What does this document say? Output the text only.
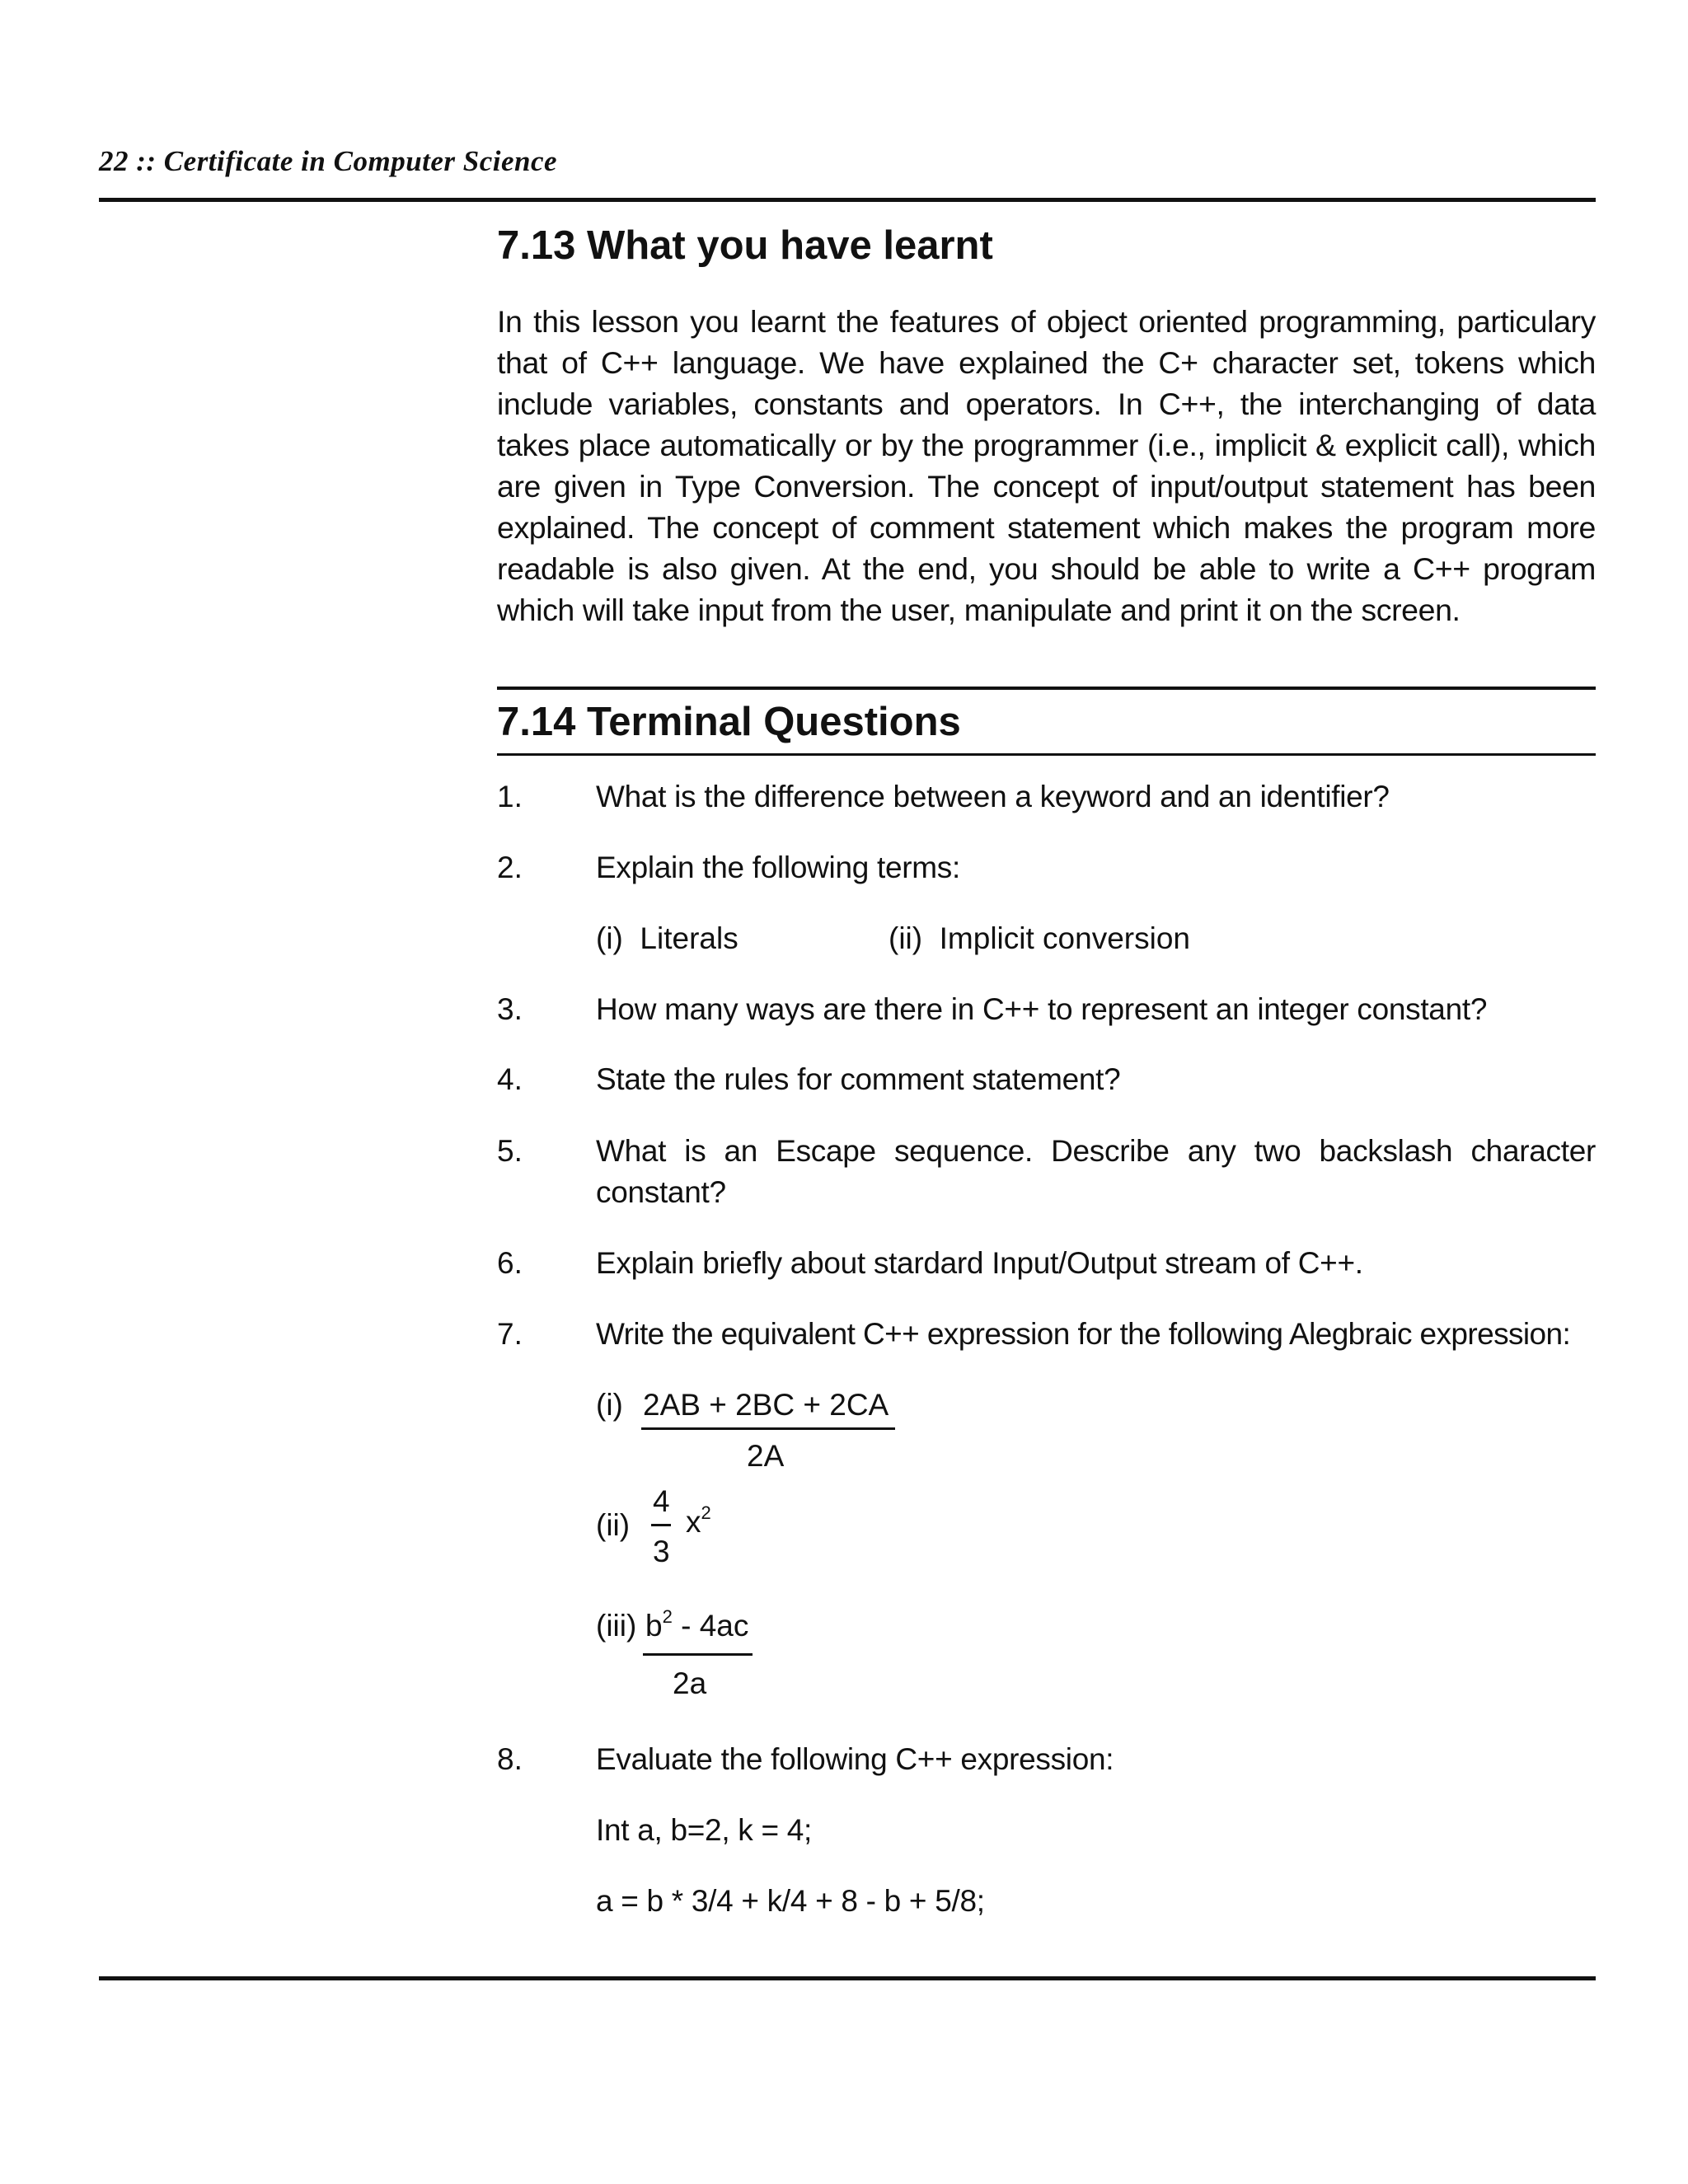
22 :: Certificate in Computer Science
7.13 What you have learnt

In this lesson you learnt the features of object oriented programming, particulary that of C++ language. We have explained the C+ character set, tokens which include variables, constants and operators. In C++, the interchanging of data takes place automatically or by the programmer (i.e., implicit & explicit call), which are given in Type Conversion. The concept of input/output statement has been explained. The concept of comment statement which makes the program more readable is also given. At the end, you should be able to write a C++ program which will take input from the user, manipulate and print it on the screen.

7.14 Terminal Questions
1. What is the difference between a keyword and an identifier?

2. Explain the following terms:

(i)  Literals	(ii)  Implicit conversion
3. How many ways are there in C++ to represent an integer constant?

4. State the rules for comment statement?

5. What is an Escape sequence. Describe any two backslash character constant?

6. Explain briefly about stardard Input/Output stream of C++.

7. Write the equivalent C++ expression for the following Alegbraic expression:

(i) 2AB + 2BC + 2CA
2A
(ii)
4
3
$x^2$
(iii) $b^2 - 4ac$
2a
8. Evaluate the following C++ expression:

Int a, b=2, k = 4;

a = b * 3/4 + k/4 + 8 - b + 5/8;
